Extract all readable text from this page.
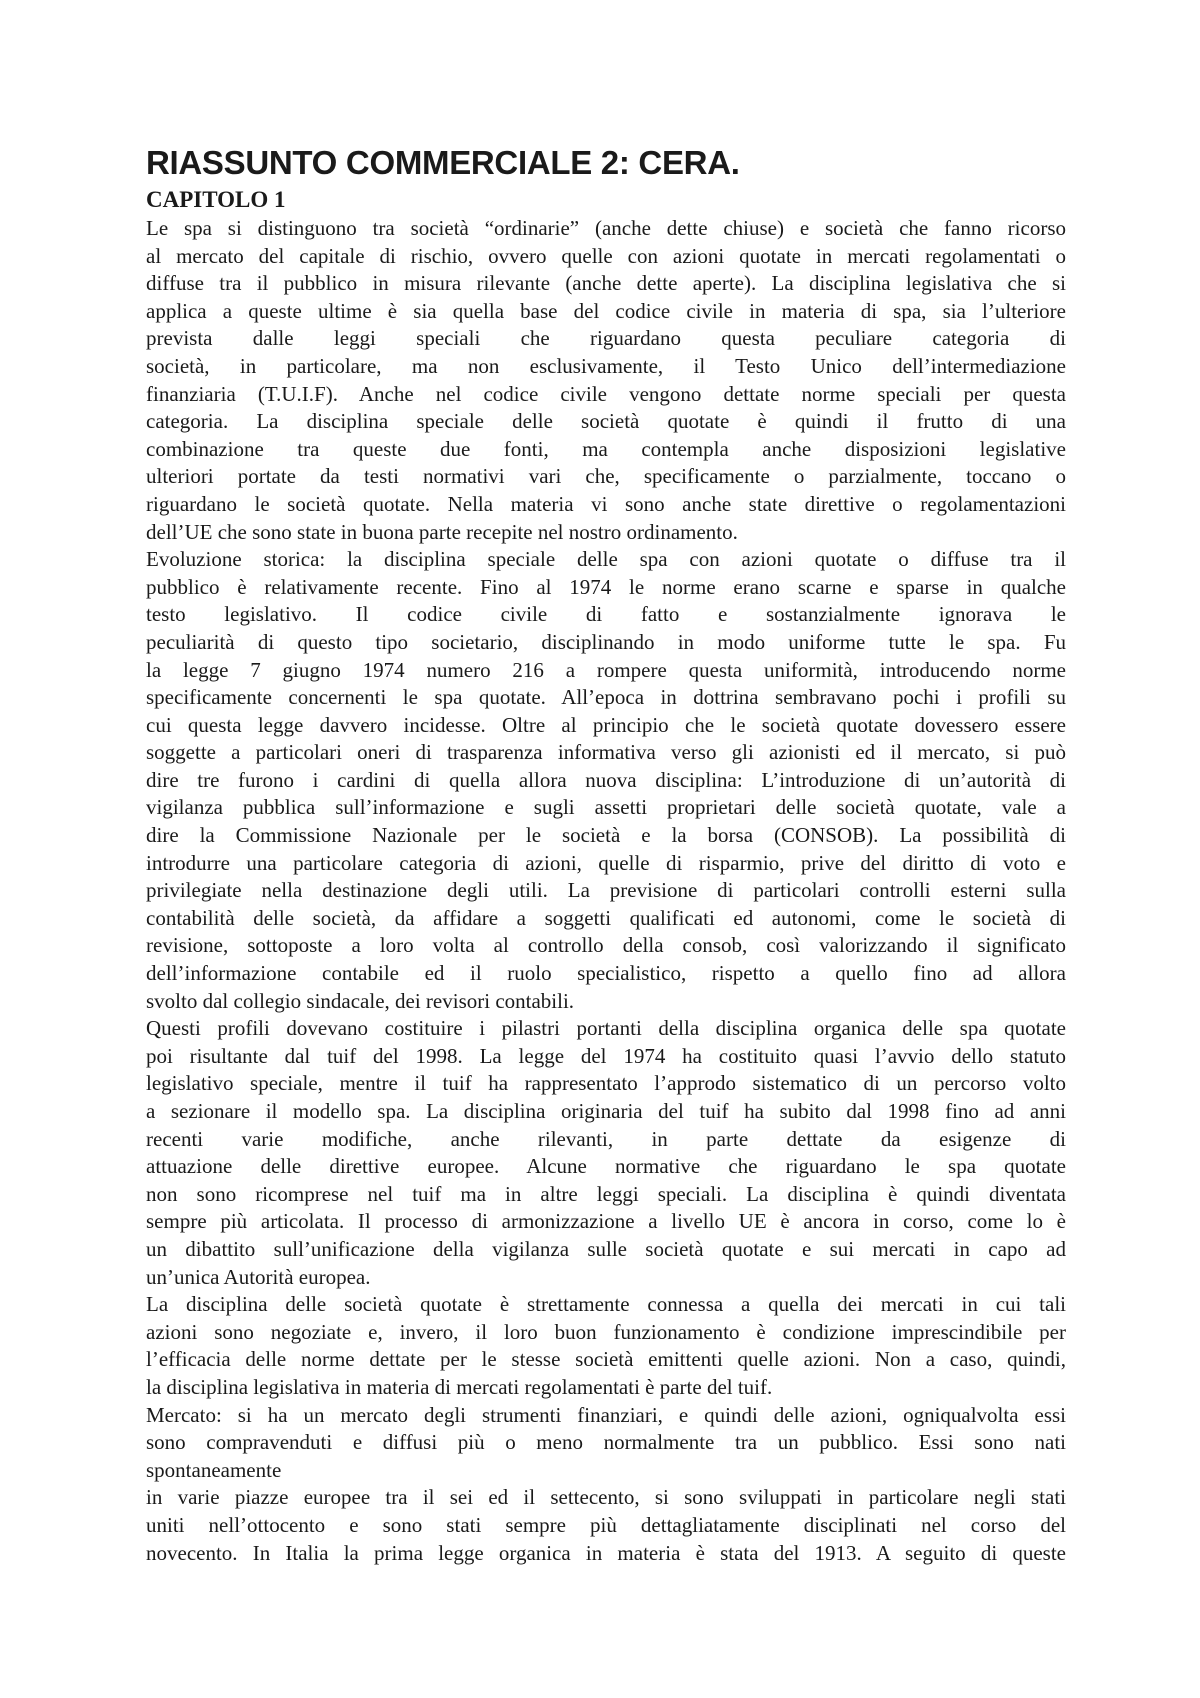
RIASSUNTO COMMERCIALE 2: CERA.
CAPITOLO 1
Le spa si distinguono tra società “ordinarie” (anche dette chiuse) e società che fanno ricorso
al mercato del capitale di rischio, ovvero quelle con azioni quotate in mercati regolamentati o
diffuse tra il pubblico in misura rilevante (anche dette aperte). La disciplina legislativa che si
applica a queste ultime è sia quella base del codice civile in materia di spa, sia l’ulteriore
prevista dalle leggi speciali che riguardano questa peculiare categoria di
società, in particolare, ma non esclusivamente, il Testo Unico dell’intermediazione
finanziaria (T.U.I.F). Anche nel codice civile vengono dettate norme speciali per questa
categoria. La disciplina speciale delle società quotate è quindi il frutto di una
combinazione tra queste due fonti, ma contempla anche disposizioni legislative
ulteriori portate da testi normativi vari che, specificamente o parzialmente, toccano o
riguardano le società quotate. Nella materia vi sono anche state direttive o regolamentazioni
dell’UE che sono state in buona parte recepite nel nostro ordinamento.
Evoluzione storica: la disciplina speciale delle spa con azioni quotate o diffuse tra il
pubblico è relativamente recente. Fino al 1974 le norme erano scarne e sparse in qualche
testo legislativo. Il codice civile di fatto e sostanzialmente ignorava le
peculiarità di questo tipo societario, disciplinando in modo uniforme tutte le spa. Fu
la legge 7 giugno 1974 numero 216 a rompere questa uniformità, introducendo norme
specificamente concernenti le spa quotate. All’epoca in dottrina sembravano pochi i profili su
cui questa legge davvero incidesse. Oltre al principio che le società quotate dovessero essere
soggette a particolari oneri di trasparenza informativa verso gli azionisti ed il mercato, si può
dire tre furono i cardini di quella allora nuova disciplina: L’introduzione di un’autorità di
vigilanza pubblica sull’informazione e sugli assetti proprietari delle società quotate, vale a
dire la Commissione Nazionale per le società e la borsa (CONSOB). La possibilità di
introdurre una particolare categoria di azioni, quelle di risparmio, prive del diritto di voto e
privilegiate nella destinazione degli utili. La previsione di particolari controlli esterni sulla
contabilità delle società, da affidare a soggetti qualificati ed autonomi, come le società di
revisione, sottoposte a loro volta al controllo della consob, così valorizzando il significato
dell’informazione contabile ed il ruolo specialistico, rispetto a quello fino ad allora
svolto dal collegio sindacale, dei revisori contabili.
Questi profili dovevano costituire i pilastri portanti della disciplina organica delle spa quotate
poi risultante dal tuif del 1998. La legge del 1974 ha costituito quasi l’avvio dello statuto
legislativo speciale, mentre il tuif ha rappresentato l’approdo sistematico di un percorso volto
a sezionare il modello spa. La disciplina originaria del tuif ha subito dal 1998 fino ad anni
recenti varie modifiche, anche rilevanti, in parte dettate da esigenze di
attuazione delle direttive europee. Alcune normative che riguardano le spa quotate
non sono ricomprese nel tuif ma in altre leggi speciali. La disciplina è quindi diventata
sempre più articolata. Il processo di armonizzazione a livello UE è ancora in corso, come lo è
un dibattito sull’unificazione della vigilanza sulle società quotate e sui mercati in capo ad
un’unica Autorità europea.
La disciplina delle società quotate è strettamente connessa a quella dei mercati in cui tali
azioni sono negoziate e, invero, il loro buon funzionamento è condizione imprescindibile per
l’efficacia delle norme dettate per le stesse società emittenti quelle azioni. Non a caso, quindi,
la disciplina legislativa in materia di mercati regolamentati è parte del tuif.
Mercato: si ha un mercato degli strumenti finanziari, e quindi delle azioni, ogniqualvolta essi
sono compravenduti e diffusi più o meno normalmente tra un pubblico. Essi sono nati
spontaneamente
in varie piazze europee tra il sei ed il settecento, si sono sviluppati in particolare negli stati
uniti nell’ottocento e sono stati sempre più dettagliatamente disciplinati nel corso del
novecento. In Italia la prima legge organica in materia è stata del 1913. A seguito di queste
